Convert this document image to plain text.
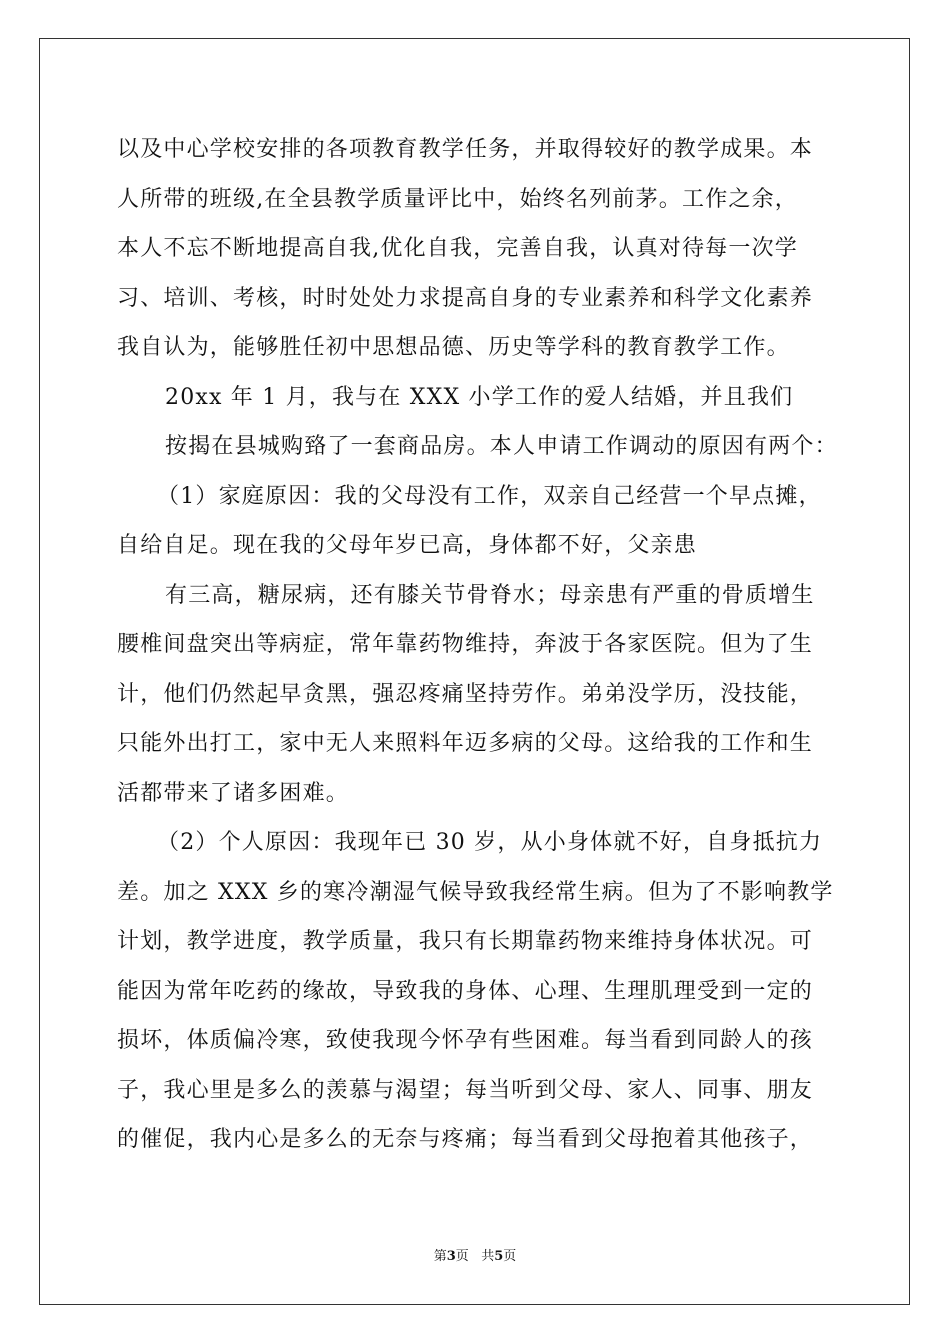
以及中心学校安排的各项教育教学任务，并取得较好的教学成果。本
人所带的班级,在全县教学质量评比中，始终名列前茅。工作之余，
本人不忘不断地提高自我,优化自我，完善自我，认真对待每一次学
习、培训、考核，时时处处力求提高自身的专业素养和科学文化素养
我自认为，能够胜任初中思想品德、历史等学科的教育教学工作。
20xx 年 1 月，我与在 XXX 小学工作的爱人结婚，并且我们
按揭在县城购臵了一套商品房。本人申请工作调动的原因有两个：
（1）家庭原因：我的父母没有工作，双亲自己经营一个早点摊，
自给自足。现在我的父母年岁已高，身体都不好，父亲患
有三高，糖尿病，还有膝关节骨脊水；母亲患有严重的骨质增生
腰椎间盘突出等病症，常年靠药物维持，奔波于各家医院。但为了生
计，他们仍然起早贪黑，强忍疼痛坚持劳作。弟弟没学历，没技能，
只能外出打工，家中无人来照料年迈多病的父母。这给我的工作和生
活都带来了诸多困难。
（2）个人原因：我现年已 30 岁，从小身体就不好，自身抵抗力
差。加之 XXX 乡的寒冷潮湿气候导致我经常生病。但为了不影响教学
计划，教学进度，教学质量，我只有长期靠药物来维持身体状况。可
能因为常年吃药的缘故，导致我的身体、心理、生理肌理受到一定的
损坏，体质偏冷寒，致使我现今怀孕有些困难。每当看到同龄人的孩
子，我心里是多么的羡慕与渴望；每当听到父母、家人、同事、朋友
的催促，我内心是多么的无奈与疼痛；每当看到父母抱着其他孩子，
第3页 共5页
